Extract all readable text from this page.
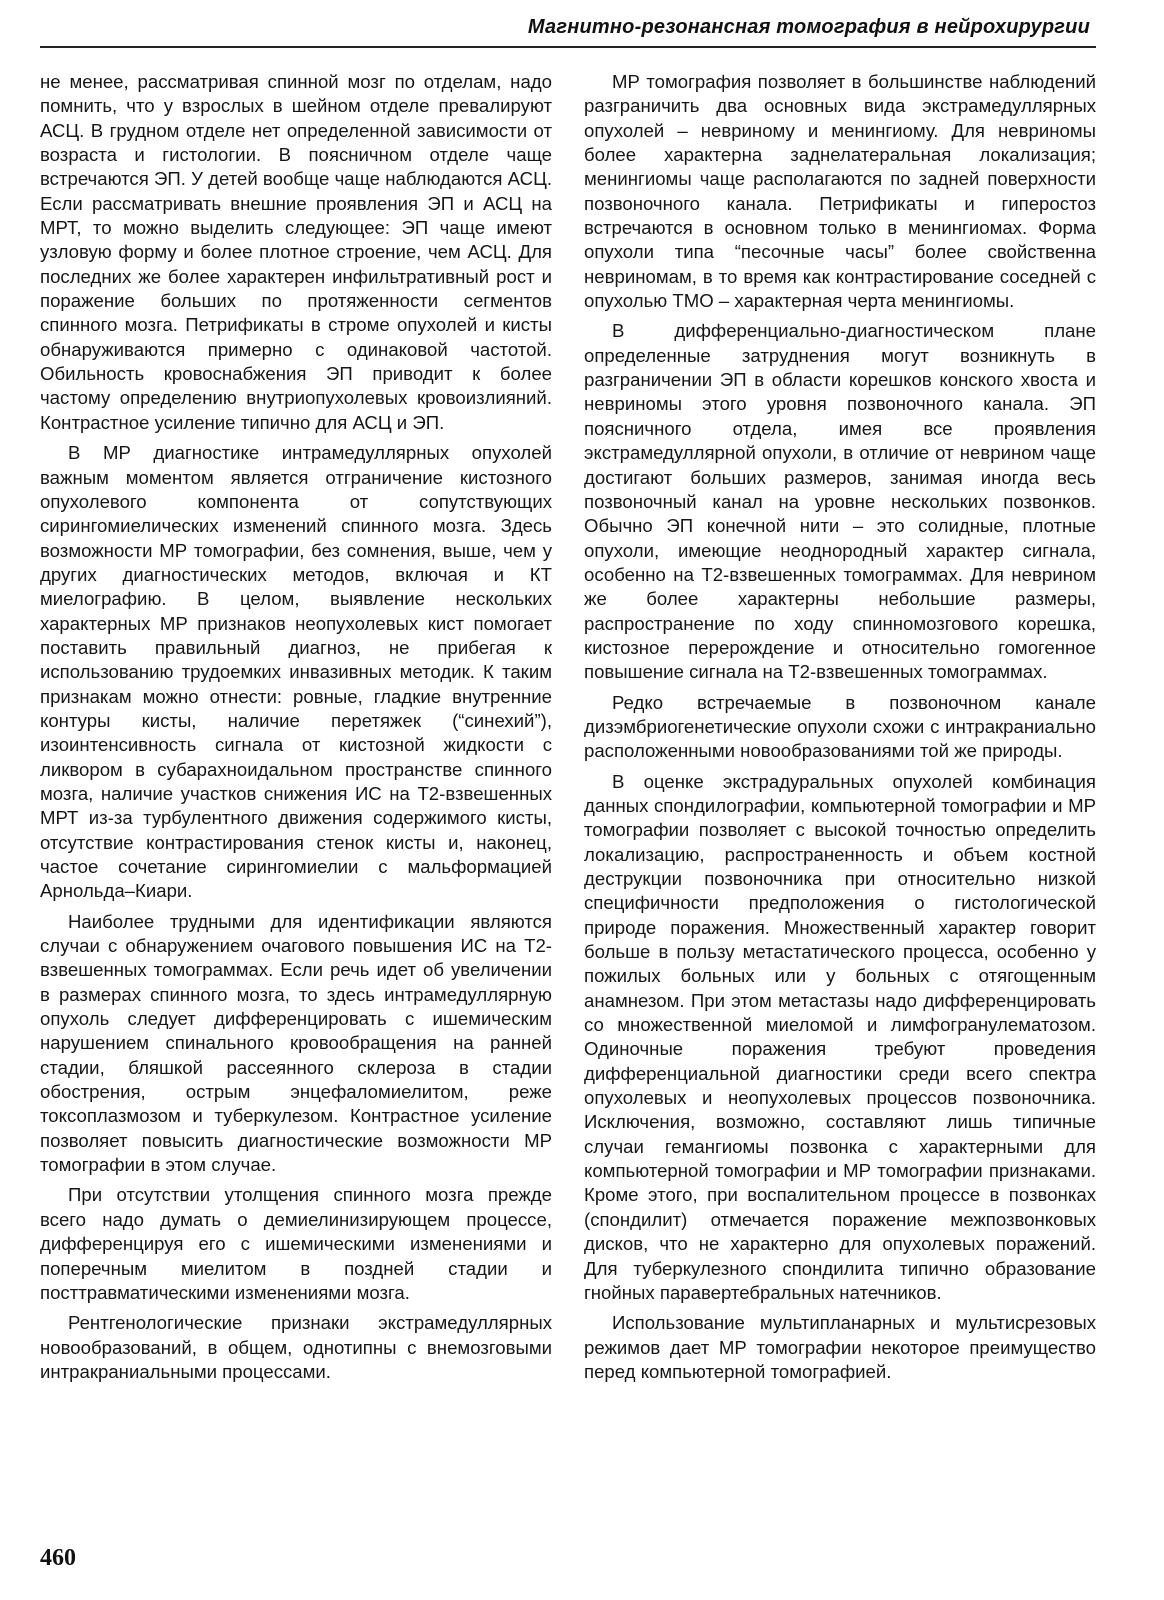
Магнитно-резонансная томография в нейрохирургии

не менее, рассматривая спинной мозг по отделам, надо помнить, что у взрослых в шейном отделе превалируют АСЦ. В грудном отделе нет определенной зависимости от возраста и гистологии. В поясничном отделе чаще встречаются ЭП. У детей вообще чаще наблюдаются АСЦ. Если рассматривать внешние проявления ЭП и АСЦ на МРТ, то можно выделить следующее: ЭП чаще имеют узловую форму и более плотное строение, чем АСЦ. Для последних же более характерен инфильтративный рост и поражение больших по протяженности сегментов спинного мозга. Петрификаты в строме опухолей и кисты обнаруживаются примерно с одинаковой частотой. Обильность кровоснабжения ЭП приводит к более частому определению внутриопухолевых кровоизлияний. Контрастное усиление типично для АСЦ и ЭП.

В МР диагностике интрамедуллярных опухолей важным моментом является отграничение кистозного опухолевого компонента от сопутствующих сирингомиелических изменений спинного мозга. Здесь возможности МР томографии, без сомнения, выше, чем у других диагностических методов, включая и КТ миелографию. В целом, выявление нескольких характерных МР признаков неопухолевых кист помогает поставить правильный диагноз, не прибегая к использованию трудоемких инвазивных методик. К таким признакам можно отнести: ровные, гладкие внутренние контуры кисты, наличие перетяжек (“синехий”), изоинтенсивность сигнала от кистозной жидкости с ликвором в субарахноидальном пространстве спинного мозга, наличие участков снижения ИС на Т2-взвешенных МРТ из-за турбулентного движения содержимого кисты, отсутствие контрастирования стенок кисты и, наконец, частое сочетание сирингомиелии с мальформацией Арнольда–Киари.

Наиболее трудными для идентификации являются случаи с обнаружением очагового повышения ИС на Т2-взвешенных томограммах. Если речь идет об увеличении в размерах спинного мозга, то здесь интрамедуллярную опухоль следует дифференцировать с ишемическим нарушением спинального кровообращения на ранней стадии, бляшкой рассеянного склероза в стадии обострения, острым энцефаломиелитом, реже токсоплазмозом и туберкулезом. Контрастное усиление позволяет повысить диагностические возможности МР томографии в этом случае.

При отсутствии утолщения спинного мозга прежде всего надо думать о демиелинизирующем процессе, дифференцируя его с ишемическими изменениями и поперечным миелитом в поздней стадии и посттравматическими изменениями мозга.

Рентгенологические признаки экстрамедуллярных новообразований, в общем, однотипны с внемозговыми интракраниальными процессами.

МР томография позволяет в большинстве наблюдений разграничить два основных вида экстрамедуллярных опухолей – невриному и менингиому. Для невриномы более характерна заднелатеральная локализация; менингиомы чаще располагаются по задней поверхности позвоночного канала. Петрификаты и гиперостоз встречаются в основном только в менингиомах. Форма опухоли типа “песочные часы” более свойственна невриномам, в то время как контрастирование соседней с опухолью ТМО – характерная черта менингиомы.

В дифференциально-диагностическом плане определенные затруднения могут возникнуть в разграничении ЭП в области корешков конского хвоста и невриномы этого уровня позвоночного канала. ЭП поясничного отдела, имея все проявления экстрамедуллярной опухоли, в отличие от неврином чаще достигают больших размеров, занимая иногда весь позвоночный канал на уровне нескольких позвонков. Обычно ЭП конечной нити – это солидные, плотные опухоли, имеющие неоднородный характер сигнала, особенно на Т2-взвешенных томограммах. Для неврином же более характерны небольшие размеры, распространение по ходу спинномозгового корешка, кистозное перерождение и относительно гомогенное повышение сигнала на Т2-взвешенных томограммах.

Редко встречаемые в позвоночном канале дизэмбриогенетические опухоли схожи с интракраниально расположенными новообразованиями той же природы.

В оценке экстрадуральных опухолей комбинация данных спондилографии, компьютерной томографии и МР томографии позволяет с высокой точностью определить локализацию, распространенность и объем костной деструкции позвоночника при относительно низкой специфичности предположения о гистологической природе поражения. Множественный характер говорит больше в пользу метастатического процесса, особенно у пожилых больных или у больных с отягощенным анамнезом. При этом метастазы надо дифференцировать со множественной миеломой и лимфогранулематозом. Одиночные поражения требуют проведения дифференциальной диагностики среди всего спектра опухолевых и неопухолевых процессов позвоночника. Исключения, возможно, составляют лишь типичные случаи гемангиомы позвонка с характерными для компьютерной томографии и МР томографии признаками. Кроме этого, при воспалительном процессе в позвонках (спондилит) отмечается поражение межпозвонковых дисков, что не характерно для опухолевых поражений. Для туберкулезного спондилита типично образование гнойных паравертебральных натечников.

Использование мультипланарных и мультисрезовых режимов дает МР томографии некоторое преимущество перед компьютерной томографией.

460
